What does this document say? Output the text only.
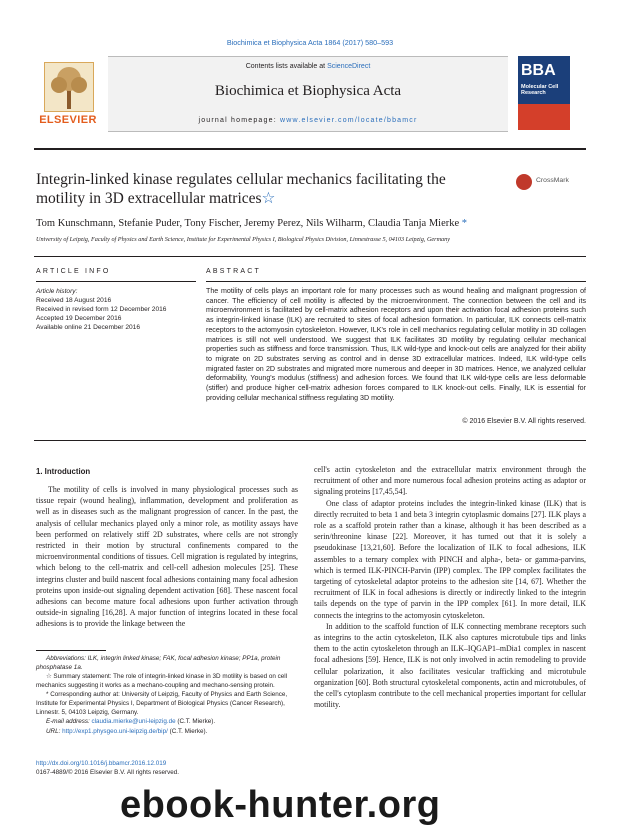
Biochimica et Biophysica Acta 1864 (2017) 580–593
ELSEVIER
Contents lists available at ScienceDirect
Biochimica et Biophysica Acta
journal homepage: www.elsevier.com/locate/bbamcr
BBA
Molecular Cell Research
Integrin-linked kinase regulates cellular mechanics facilitating the motility in 3D extracellular matrices☆
CrossMark
Tom Kunschmann, Stefanie Puder, Tony Fischer, Jeremy Perez, Nils Wilharm, Claudia Tanja Mierke *
University of Leipzig, Faculty of Physics and Earth Science, Institute for Experimental Physics I, Biological Physics Division, Linnestrasse 5, 04103 Leipzig, Germany
ARTICLE INFO
Article history:
Received 18 August 2016
Received in revised form 12 December 2016
Accepted 19 December 2016
Available online 21 December 2016
ABSTRACT
The motility of cells plays an important role for many processes such as wound healing and malignant progression of cancer. The efficiency of cell motility is affected by the microenvironment. The connection between the cell and its microenvironment is facilitated by cell-matrix adhesion receptors and upon their activation focal adhesion proteins such as integrin-linked kinase (ILK) are recruited to sites of focal adhesion formation. In particular, ILK connects cell-matrix receptors to the actomyosin cytoskeleton. However, ILK's role in cell mechanics regulating cellular motility in 3D collagen matrices is still not well understood. We suggest that ILK facilitates 3D motility by regulating cellular mechanical properties such as stiffness and force transmission. Thus, ILK wild-type and knock-out cells are analyzed for their ability to migrate on 2D substrates serving as control and in dense 3D extracellular matrices. Indeed, ILK wild-type cells migrated faster on 2D substrates and migrated more numerous and deeper in 3D matrices. Hence, we analyzed cellular deformability, Young's modulus (stiffness) and adhesion forces. We found that ILK wild-type cells are less deformable (stiffer) and produce higher cell-matrix adhesion forces compared to ILK knock-out cells. Finally, ILK is essential for providing cellular mechanical stiffness regulating 3D motility.
© 2016 Elsevier B.V. All rights reserved.
1. Introduction

The motility of cells is involved in many physiological processes such as tissue repair (wound healing), inflammation, development and proliferation as well as in diseases such as the malignant progression of cancer. In the past, the analysis of cellular mechanics played only a minor role, as motility assays have been performed on relatively stiff 2D substrates, where cells are not strongly restricted in their motion by structural confinements compared to the microenvironmental conditions of tissues. Cell migration is regulated by integrins, which belong to the cell-matrix and cell-cell adhesion molecules [25]. These integrins cluster and build nascent focal adhesions containing many focal adhesion proteins upon inside-out signaling dependent activation [68]. These nascent focal adhesions can become mature focal adhesions upon further activation through outside-in signaling [16,28]. A major function of integrins located in these focal adhesions is to provide the linkage between the

cell's actin cytoskeleton and the extracellular matrix environment through the recruitment of other and more numerous focal adhesion proteins acting as adaptor or signaling proteins [17,45,54].

One class of adaptor proteins includes the integrin-linked kinase (ILK) that is directly recruited to beta 1 and beta 3 integrin cytoplasmic domains [27]. ILK plays a role as a scaffold protein rather than a kinase, although it has been described as a serin/threonine kinase [22]. Moreover, it has turned out that it is solely a pseudokinase [13,21,60]. Before the localization of ILK to focal adhesions, ILK assembles to a ternary complex with PINCH and alpha-, beta- or gamma-parvins, which is termed ILK-PINCH-Parvin (IPP) complex. The IPP complex facilitates the targeting of cytoskeletal adaptor proteins to the adhesion site [14, 67]. Whether the recruitment of ILK in focal adhesions is directly or indirectly linked to the integrin tails depends on the type of parvin in the IPP complex [61]. In more detail, ILK connects the integrins to the actomyosin cytoskeleton.

In addition to the scaffold function of ILK connecting membrane receptors such as integrins to the actin cytoskeleton, ILK also captures microtubule tips and links them to the actin cytoskeleton through an ILK–IQGAP1–mDia1 complex in nascent focal adhesions [59]. Hence, ILK is not only involved in actin remodeling to provide cellular polarization, it also facilitates vesicular trafficking and microtubule organization [60]. Both structural cytoskeletal components, actin and microtubules, of the cell's cytoplasm contribute to the cell mechanical properties important for cellular motility.

Abbreviations: ILK, integrin linked kinase; FAK, focal adhesion kinase; PP1a, protein phosphatase 1a.

☆ Summary statement: The role of integrin-linked kinase in 3D motility is based on cell mechanics suggesting it works as a mechano-coupling and mechano-sensing protein.

* Corresponding author at: University of Leipzig, Faculty of Physics and Earth Science, Institute for Experimental Physics I, Department of Biological Physics (Cancer Research), Linnestr. 5, 04103 Leipzig, Germany.

E-mail address: claudia.mierke@uni-leipzig.de (C.T. Mierke).

URL: http://exp1.physgeo.uni-leipzig.de/bip/ (C.T. Mierke).

http://dx.doi.org/10.1016/j.bbamcr.2016.12.019
0167-4889/© 2016 Elsevier B.V. All rights reserved.
ebook-hunter.org
